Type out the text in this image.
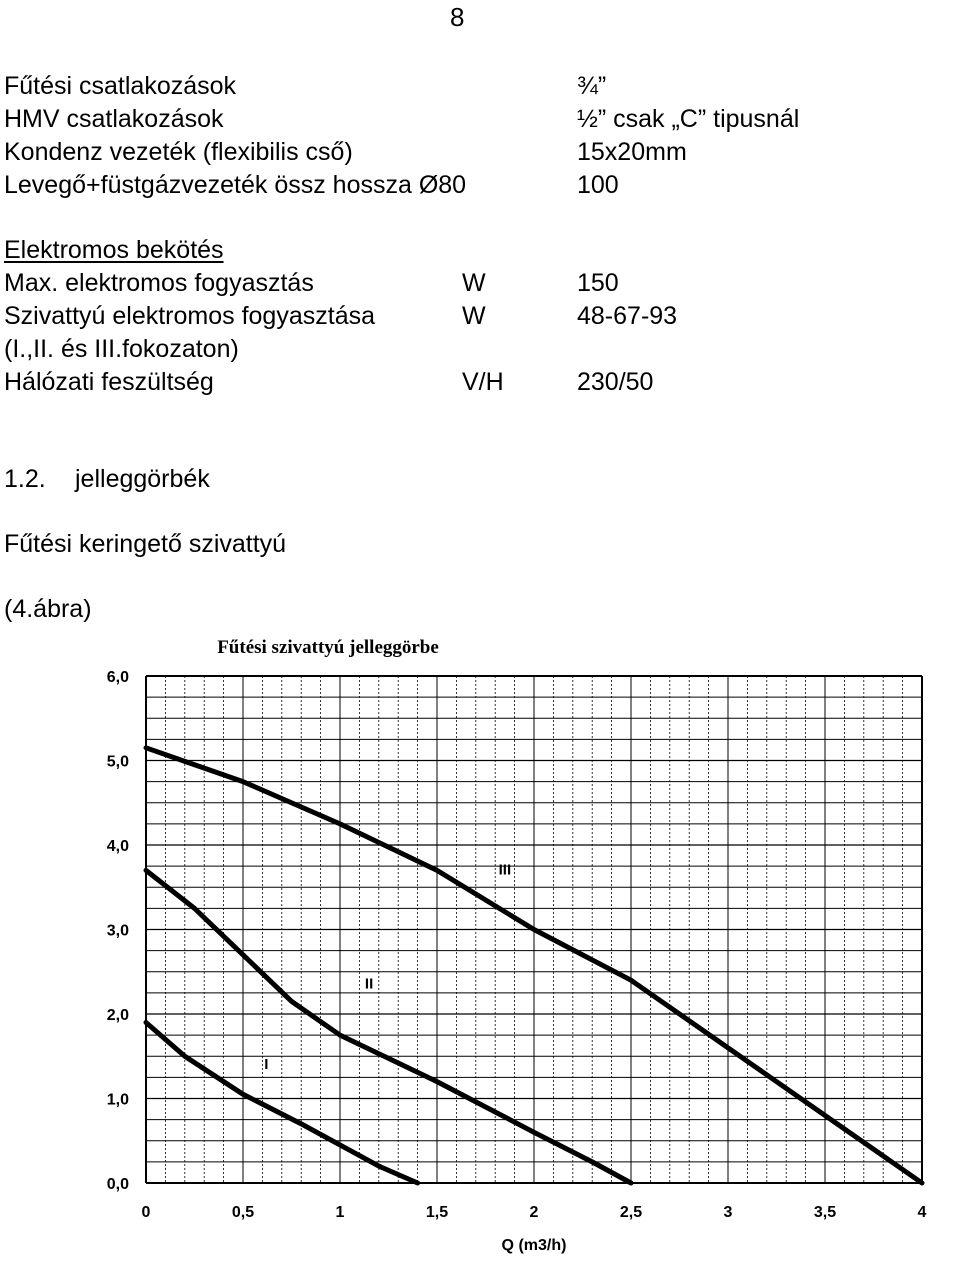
8
Fűtési csatlakozások	¾”
HMV csatlakozások	½” csak „C” tipusnál
Kondenz vezeték (flexibilis cső)	15x20mm
Levegő+füstgázvezeték össz hossza Ø80	100
Elektromos bekötés
Max. elektromos fogyasztás	W	150
Szivattyú elektromos fogyasztása	W	48-67-93
(I.,II. és III.fokozaton)
Hálózati feszültség	V/H	230/50
1.2. jelleggörbék
Fűtési keringető szivattyú
(4.ábra)
Fűtési szivattyú jelleggörbe
0	0,5	1	1,5	2	2,5	3	3,5	4
0,0
1,0
2,0
3,0
4,0
5,0
6,0
I
II
III
Q (m3/h)
